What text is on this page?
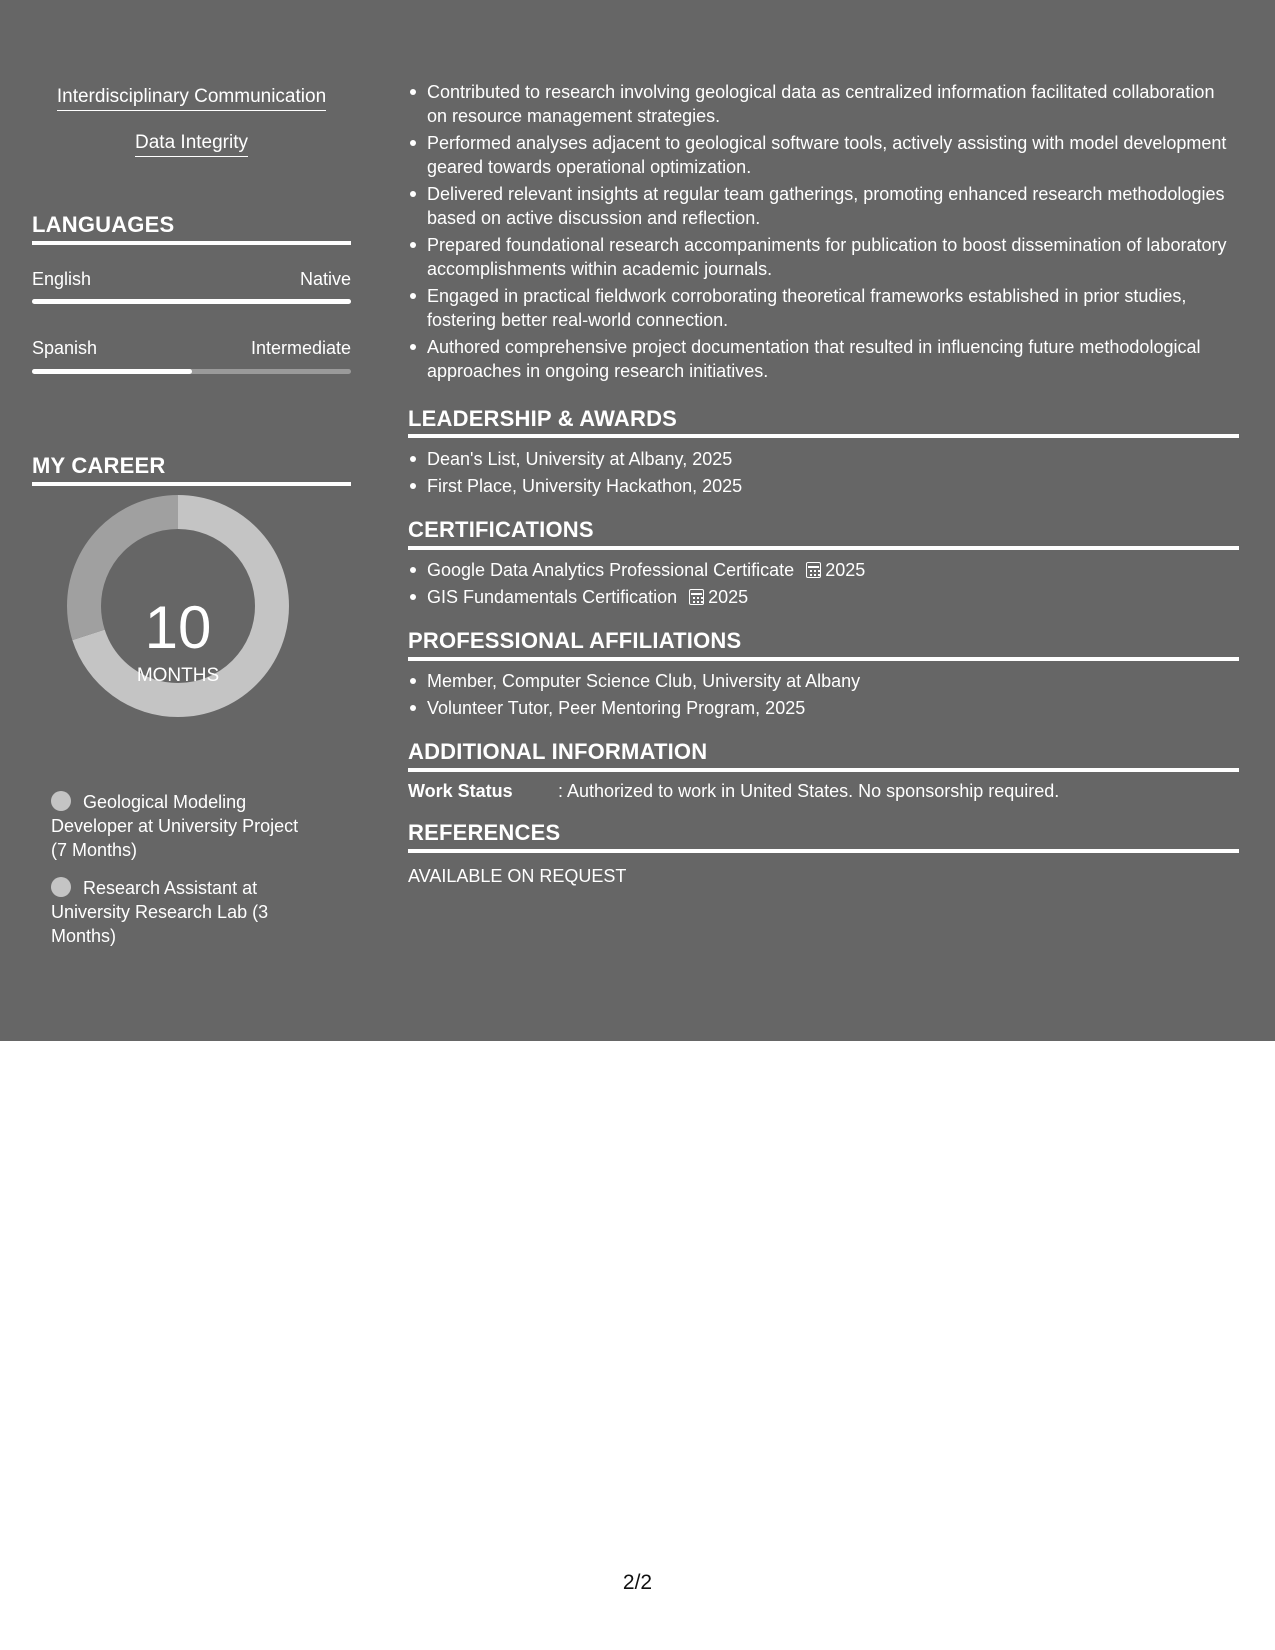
Interdisciplinary Communication
Data Integrity
LANGUAGES
English	Native
Spanish	Intermediate
MY CAREER
10
MONTHS
Geological Modeling Developer at University Project (7 Months)
Research Assistant at University Research Lab (3 Months)
Contributed to research involving geological data as centralized information facilitated collaboration on resource management strategies.
Performed analyses adjacent to geological software tools, actively assisting with model development geared towards operational optimization.
Delivered relevant insights at regular team gatherings, promoting enhanced research methodologies based on active discussion and reflection.
Prepared foundational research accompaniments for publication to boost dissemination of laboratory accomplishments within academic journals.
Engaged in practical fieldwork corroborating theoretical frameworks established in prior studies, fostering better real-world connection.
Authored comprehensive project documentation that resulted in influencing future methodological approaches in ongoing research initiatives.
LEADERSHIP & AWARDS
Dean's List, University at Albany, 2025
First Place, University Hackathon, 2025
CERTIFICATIONS
Google Data Analytics Professional Certificate 2025
GIS Fundamentals Certification 2025
PROFESSIONAL AFFILIATIONS
Member, Computer Science Club, University at Albany
Volunteer Tutor, Peer Mentoring Program, 2025
ADDITIONAL INFORMATION
Work Status	: Authorized to work in United States. No sponsorship required.
REFERENCES
AVAILABLE ON REQUEST
2/2
